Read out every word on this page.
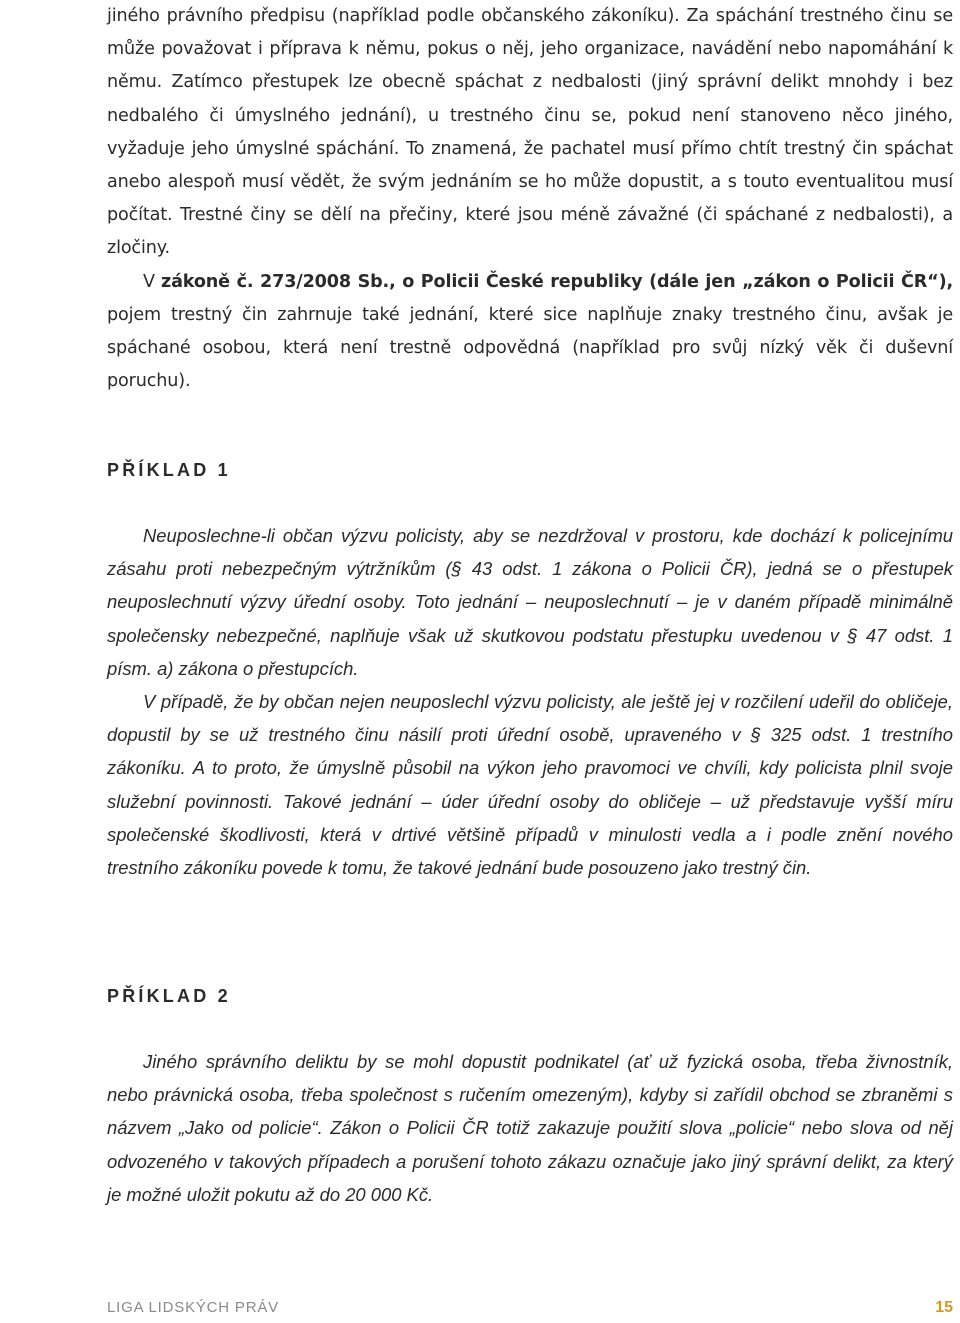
jiného právního předpisu (například podle občanského zákoníku). Za spáchání trestného činu se může považovat i příprava k němu, pokus o něj, jeho organizace, navádění nebo napomáhání k němu. Zatímco přestupek lze obecně spáchat z nedbalosti (jiný správní delikt mnohdy i bez nedbalého či úmyslného jednání), u trestného činu se, pokud není stanoveno něco jiného, vyžaduje jeho úmyslné spáchání. To znamená, že pachatel musí přímo chtít trestný čin spáchat anebo alespoň musí vědět, že svým jednáním se ho může dopustit, a s touto eventualitou musí počítat. Trestné činy se dělí na přečiny, které jsou méně závažné (či spáchané z nedbalosti), a zločiny.

V zákoně č. 273/2008 Sb., o Policii České republiky (dále jen „zákon o Policii ČR“), pojem trestný čin zahrnuje také jednání, které sice naplňuje znaky trestného činu, avšak je spáchané osobou, která není trestně odpovědná (například pro svůj nízký věk či duševní poruchu).

PŘÍKLAD 1

Neuposlechne-li občan výzvu policisty, aby se nezdržoval v prostoru, kde dochází k policejnímu zásahu proti nebezpečným výtržníkům (§ 43 odst. 1 zákona o Policii ČR), jedná se o přestupek neuposlechnutí výzvy úřední osoby. Toto jednání – neuposlechnutí – je v daném případě minimálně společensky nebezpečné, naplňuje však už skutkovou podstatu přestupku uvedenou v § 47 odst. 1 písm. a) zákona o přestupcích.

V případě, že by občan nejen neuposlechl výzvu policisty, ale ještě jej v rozčilení udeřil do obličeje, dopustil by se už trestného činu násilí proti úřední osobě, upraveného v § 325 odst. 1 trestního zákoníku. A to proto, že úmyslně působil na výkon jeho pravomoci ve chvíli, kdy policista plnil svoje služební povinnosti. Takové jednání – úder úřední osoby do obličeje – už představuje vyšší míru společenské škodlivosti, která v drtivé většině případů v minulosti vedla a i podle znění nového trestního zákoníku povede k tomu, že takové jednání bude posouzeno jako trestný čin.

PŘÍKLAD 2

Jiného správního deliktu by se mohl dopustit podnikatel (ať už fyzická osoba, třeba živnostník, nebo právnická osoba, třeba společnost s ručením omezeným), kdyby si zařídil obchod se zbraněmi s názvem „Jako od policie“. Zákon o Policii ČR totiž zakazuje použití slova „policie“ nebo slova od něj odvozeného v takových případech a porušení tohoto zákazu označuje jako jiný správní delikt, za který je možné uložit pokutu až do 20 000 Kč.

LIGA LIDSKÝCH PRÁV	15
